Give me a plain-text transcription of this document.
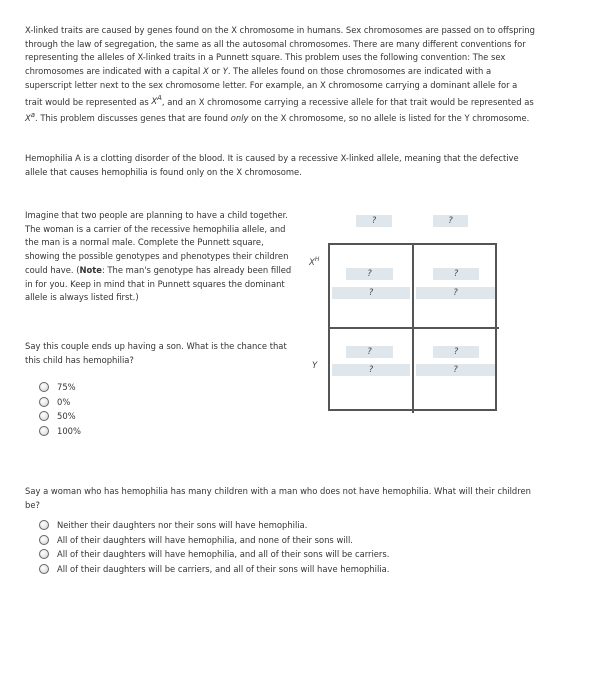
X-linked traits are caused by genes found on the X chromosome in humans. Sex chromosomes are passed on to offspring through the law of segregation, the same as all the autosomal chromosomes. There are many different conventions for representing the alleles of X-linked traits in a Punnett square. This problem uses the following convention: The sex chromosomes are indicated with a capital X or Y. The alleles found on those chromosomes are indicated with a superscript letter next to the sex chromosome letter. For example, an X chromosome carrying a dominant allele for a trait would be represented as $X^A$, and an X chromosome carrying a recessive allele for that trait would be represented as $X^a$. This problem discusses genes that are found only on the X chromosome, so no allele is listed for the Y chromosome.

Hemophilia A is a clotting disorder of the blood. It is caused by a recessive X-linked allele, meaning that the defective allele that causes hemophilia is found only on the X chromosome.

Imagine that two people are planning to have a child together. The woman is a carrier of the recessive hemophilia allele, and the man is a normal male. Complete the Punnett square, showing the possible genotypes and phenotypes their children could have. (Note: The man's genotype has already been filled in for you. Keep in mind that in Punnett squares the dominant allele is always listed first.)

Say this couple ends up having a son. What is the chance that this child has hemophilia?

75%
0%
50%
100%
?	?
$X^H$
Y
?
?
?
?
?
?
?
?

Say a woman who has hemophilia has many children with a man who does not have hemophilia. What will their children be?

Neither their daughters nor their sons will have hemophilia.
All of their daughters will have hemophilia, and none of their sons will.
All of their daughters will have hemophilia, and all of their sons will be carriers.
All of their daughters will be carriers, and all of their sons will have hemophilia.
